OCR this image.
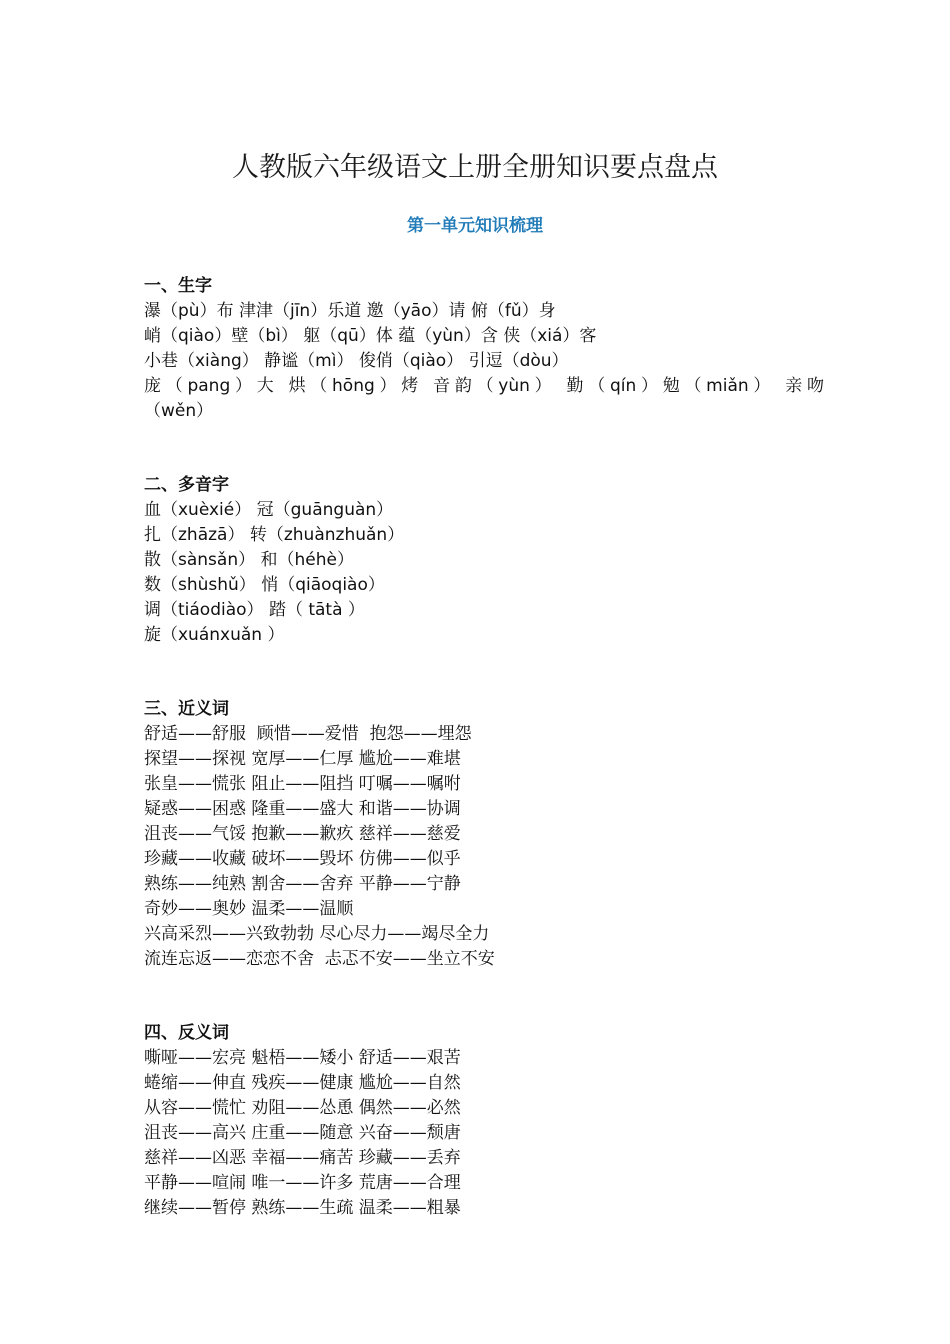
人教版六年级语文上册全册知识要点盘点
第一单元知识梳理

一、生字

瀑（pù）布 津津（jīn）乐道 邀（yāo）请 俯（fǔ）身

峭（qiào）壁（bì） 躯（qū）体 蕴（yùn）含 侠（xiá）客

小巷（xiàng） 静谧（mì） 俊俏（qiào） 引逗（dòu）

庞（pang）大 烘（hōng）烤 音韵（yùn） 勤（qín）勉（miǎn） 亲吻

（wěn）

二、多音字

血（xuèxié） 冠（guānguàn）

扎（zhāzā） 转（zhuànzhuǎn）

散（sànsǎn） 和（héhè）

数（shùshǔ） 悄（qiāoqiào）

调（tiáodiào） 踏（ tātà ）

旋（xuánxuǎn ）

三、近义词

舒适——舒服  顾惜——爱惜  抱怨——埋怨

探望——探视 宽厚——仁厚 尴尬——难堪

张皇——慌张 阻止——阻挡 叮嘱——嘱咐

疑惑——困惑 隆重——盛大 和谐——协调

沮丧——气馁 抱歉——歉疚 慈祥——慈爱

珍藏——收藏 破坏——毁坏 仿佛——似乎

熟练——纯熟 割舍——舍弃 平静——宁静

奇妙——奥妙 温柔——温顺

兴高采烈——兴致勃勃 尽心尽力——竭尽全力

流连忘返——恋恋不舍  忐忑不安——坐立不安

四、反义词

嘶哑——宏亮 魁梧——矮小 舒适——艰苦

蜷缩——伸直 残疾——健康 尴尬——自然

从容——慌忙 劝阻——怂恿 偶然——必然

沮丧——高兴 庄重——随意 兴奋——颓唐

慈祥——凶恶 幸福——痛苦 珍藏——丢弃

平静——喧闹 唯一——许多 荒唐——合理

继续——暂停 熟练——生疏 温柔——粗暴
